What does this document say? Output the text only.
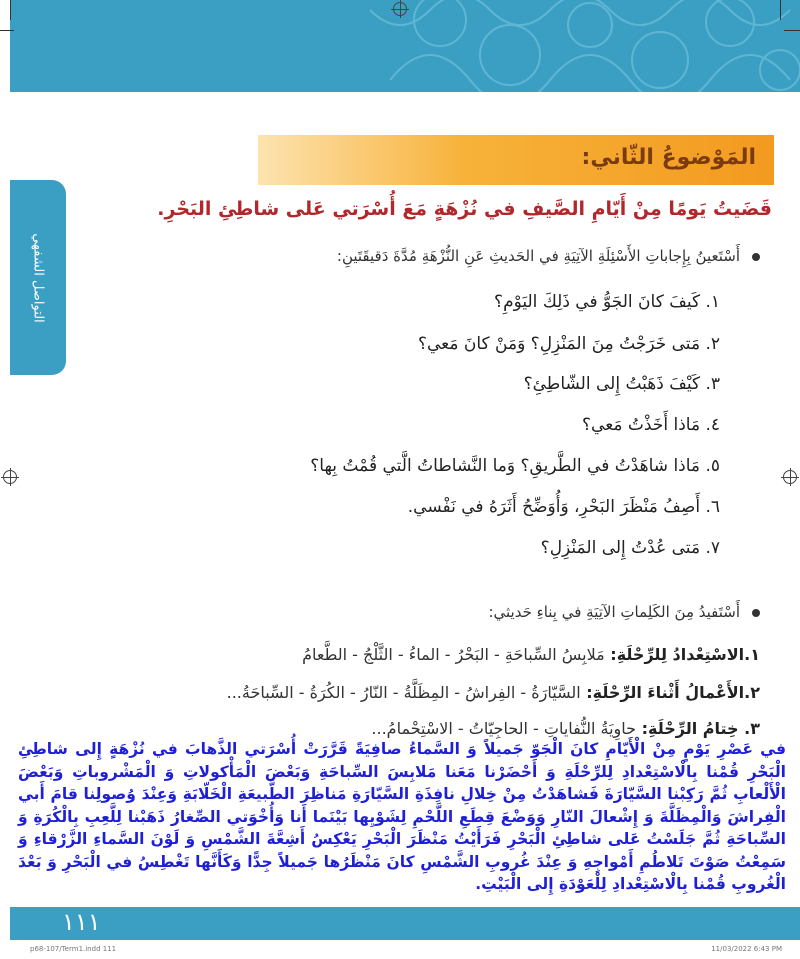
التواصل الشفهي
المَوْضوعُ الثّاني:
قَضَيتُ يَومًا مِنْ أَيّامِ الصَّيفِ في نُزْهَةٍ مَعَ أُسْرَتي عَلى شاطِئِ البَحْرِ.
أَسْتَعينُ بِإِجاباتِ الأَسْئِلَةِ الآتِيَةِ في الحَديثِ عَنِ النُّزْهَةِ مُدَّةَ دَقيقَتَينِ:
١. كَيفَ كانَ الجَوُّ في ذَلِكَ اليَوْمِ؟
٢. مَتى خَرَجْتُ مِنَ المَنْزِلِ؟ وَمَنْ كانَ مَعي؟
٣. كَيْفَ ذَهَبْتُ إِلى الشّاطِئِ؟
٤. مَاذا أَخَذْتُ مَعي؟
٥. مَاذا شاهَدْتُ في الطَّريقِ؟ وَما النَّشاطاتُ الَّتي قُمْتُ بِها؟
٦. أَصِفُ مَنْظَرَ البَحْرِ، وَأُوَضِّحُ أَثَرَهُ في نَفْسي.
٧. مَتى عُدْتُ إِلى المَنْزِلِ؟
أَسْتَفيدُ مِنَ الكَلِماتِ الآتِيَةِ في بِناءِ حَديثي:
١.الاسْتِعْدادُ لِلرِّحْلَةِ: مَلابِسُ السِّباحَةِ - البَحْرُ - الماءُ - الثَّلْجُ - الطَّعامُ
٢.الأَعْمالُ أَثْناءَ الرِّحْلَةِ: السَّيّارَةُ - الفِراشُ - المِظَلَّةُ - النّارُ - الكُرَةُ - السِّباحَةُ...
٣. خِتامُ الرِّحْلَةِ: حاوِيَةُ النُّفاياتِ - الحاجِيّاتُ - الاسْتِحْمامُ...
في عَصْرِ يَوْمٍ مِنْ الْأَيّامِ كانَ الْجَوّ جَميلاً وَ السَّماءُ صافِيَةً قَرَّرَتْ أُسْرَتي الذَّهابَ في نُزْهَةٍ إِلى شاطِئِ الْبَحْرِ قُمْنا بِالْاسْتِعْدادِ لِلرِّحْلَةِ وَ أَحْضَرْنا مَعَنا مَلابِسَ السِّباحَةِ وَبَعْضَ الْمَأْكولاتِ وَ الْمَشْروباتِ وَبَعْضَ الْأَلْعابِ ثُمَّ رَكِبْنا السَّيّارَةَ فَشاهَدْتُ مِنْ خِلالِ نافِذَةِ السَّيّارَةِ مَناظِرَ الطَّبيعَةِ الْخَلّابَةِ وَعِنْدَ وُصولِنا قامَ أَبي الْفِراشَ وَالْمِظَلَّةَ وَ إِشْعالَ النّارِ وَوَضْعَ قِطَعِ اللَّحْمِ لِشَوْيِها بَيْنَما أَنا وَأُخْوَتي الصِّغارُ ذَهَبْنا لِلَّعِبِ بِالْكُرَةِ وَ السِّباحَةِ ثُمَّ جَلَسْتُ عَلى شاطِئِ الْبَحْرِ فَرَأَيْتُ مَنْظَرَ الْبَحْرِ يَعْكِسُ أَشِعَّةَ الشَّمْسِ وَ لَوْنَ السَّماءِ الزَّرْقاءِ وَ سَمِعْتُ صَوْتَ تَلاطُمِ أَمْواجِهِ وَ عِنْدَ غُروبِ الشَّمْسِ كانَ مَنْظَرُها جَميلاً جِدًّا وَكَأَنَّها تَغْطِسُ في الْبَحْرِ وَ بَعْدَ الْغُروبِ قُمْنا بِالْاسْتِعْدادِ لِلْعَوْدَةِ إِلى الْبَيْتِ.
١١١
p68-107/Term1.indd 111	11/03/2022 6:43 PM
